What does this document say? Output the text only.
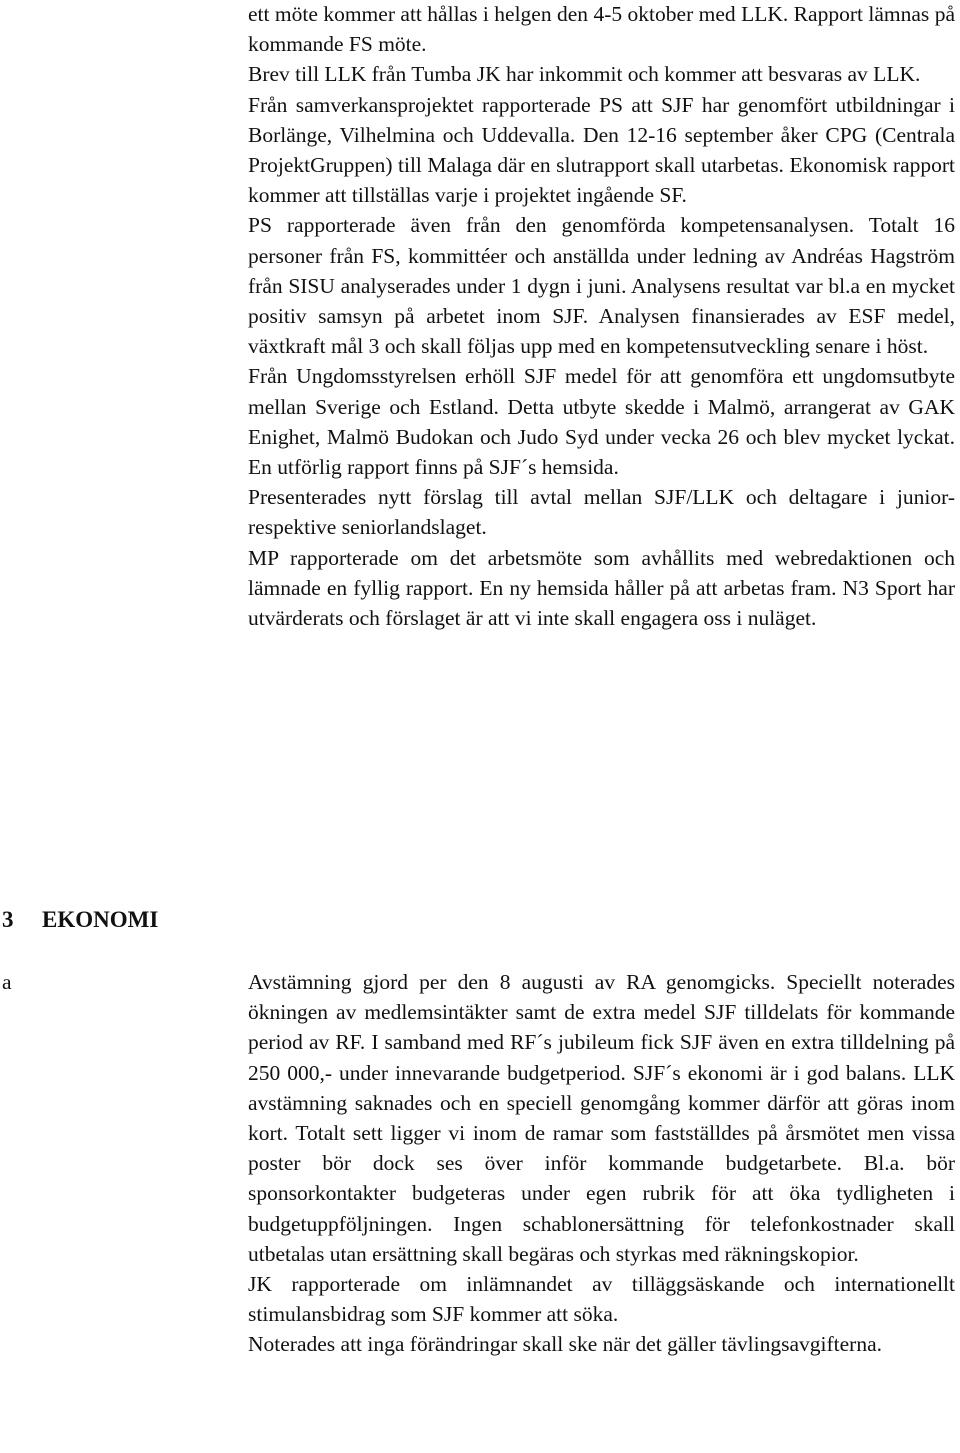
ett möte kommer att hållas i helgen den 4-5 oktober med LLK. Rapport lämnas på kommande FS möte.

Brev till LLK från Tumba JK har inkommit och kommer att besvaras av LLK.

Från samverkansprojektet rapporterade PS att SJF har genomfört utbildningar i Borlänge, Vilhelmina och Uddevalla. Den 12-16 september åker CPG (Centrala ProjektGruppen) till Malaga där en slutrapport skall utarbetas. Ekonomisk rapport kommer att tillställas varje i projektet ingående SF.

PS rapporterade även från den genomförda kompetensanalysen. Totalt 16 personer från FS, kommittéer och anställda under ledning av Andréas Hagström från SISU analyserades under 1 dygn i juni. Analysens resultat var bl.a en mycket positiv samsyn på arbetet inom SJF. Analysen finansierades av ESF medel, växtkraft mål 3 och skall följas upp med en kompetensutveckling senare i höst.

Från Ungdomsstyrelsen erhöll SJF medel för att genomföra ett ungdomsutbyte mellan Sverige och Estland. Detta utbyte skedde i Malmö, arrangerat av GAK Enighet, Malmö Budokan och Judo Syd under vecka 26 och blev mycket lyckat. En utförlig rapport finns på SJF´s hemsida.

Presenterades nytt förslag till avtal mellan SJF/LLK och deltagare i junior- respektive seniorlandslaget.

MP rapporterade om det arbetsmöte som avhållits med webredaktionen och lämnade en fyllig rapport. En ny hemsida håller på att arbetas fram. N3 Sport har utvärderats och förslaget är att vi inte skall engagera oss i nuläget.

3 EKONOMI
a	Avstämning gjord per den 8 augusti av RA genomgicks. Speciellt noterades ökningen av medlemsintäkter samt de extra medel SJF tilldelats för kommande period av RF. I samband med RF´s jubileum fick SJF även en extra tilldelning på 250 000,- under innevarande budgetperiod. SJF´s ekonomi är i god balans. LLK avstämning saknades och en speciell genomgång kommer därför att göras inom kort. Totalt sett ligger vi inom de ramar som fastställdes på årsmötet men vissa poster bör dock ses över inför kommande budgetarbete. Bl.a. bör sponsorkontakter budgeteras under egen rubrik för att öka tydligheten i budgetuppföljningen. Ingen schablonersättning för telefonkostnader skall utbetalas utan ersättning skall begäras och styrkas med räkningskopior.

JK rapporterade om inlämnandet av tilläggsäskande och internationellt stimulansbidrag som SJF kommer att söka.

Noterades att inga förändringar skall ske när det gäller tävlingsavgifterna.
